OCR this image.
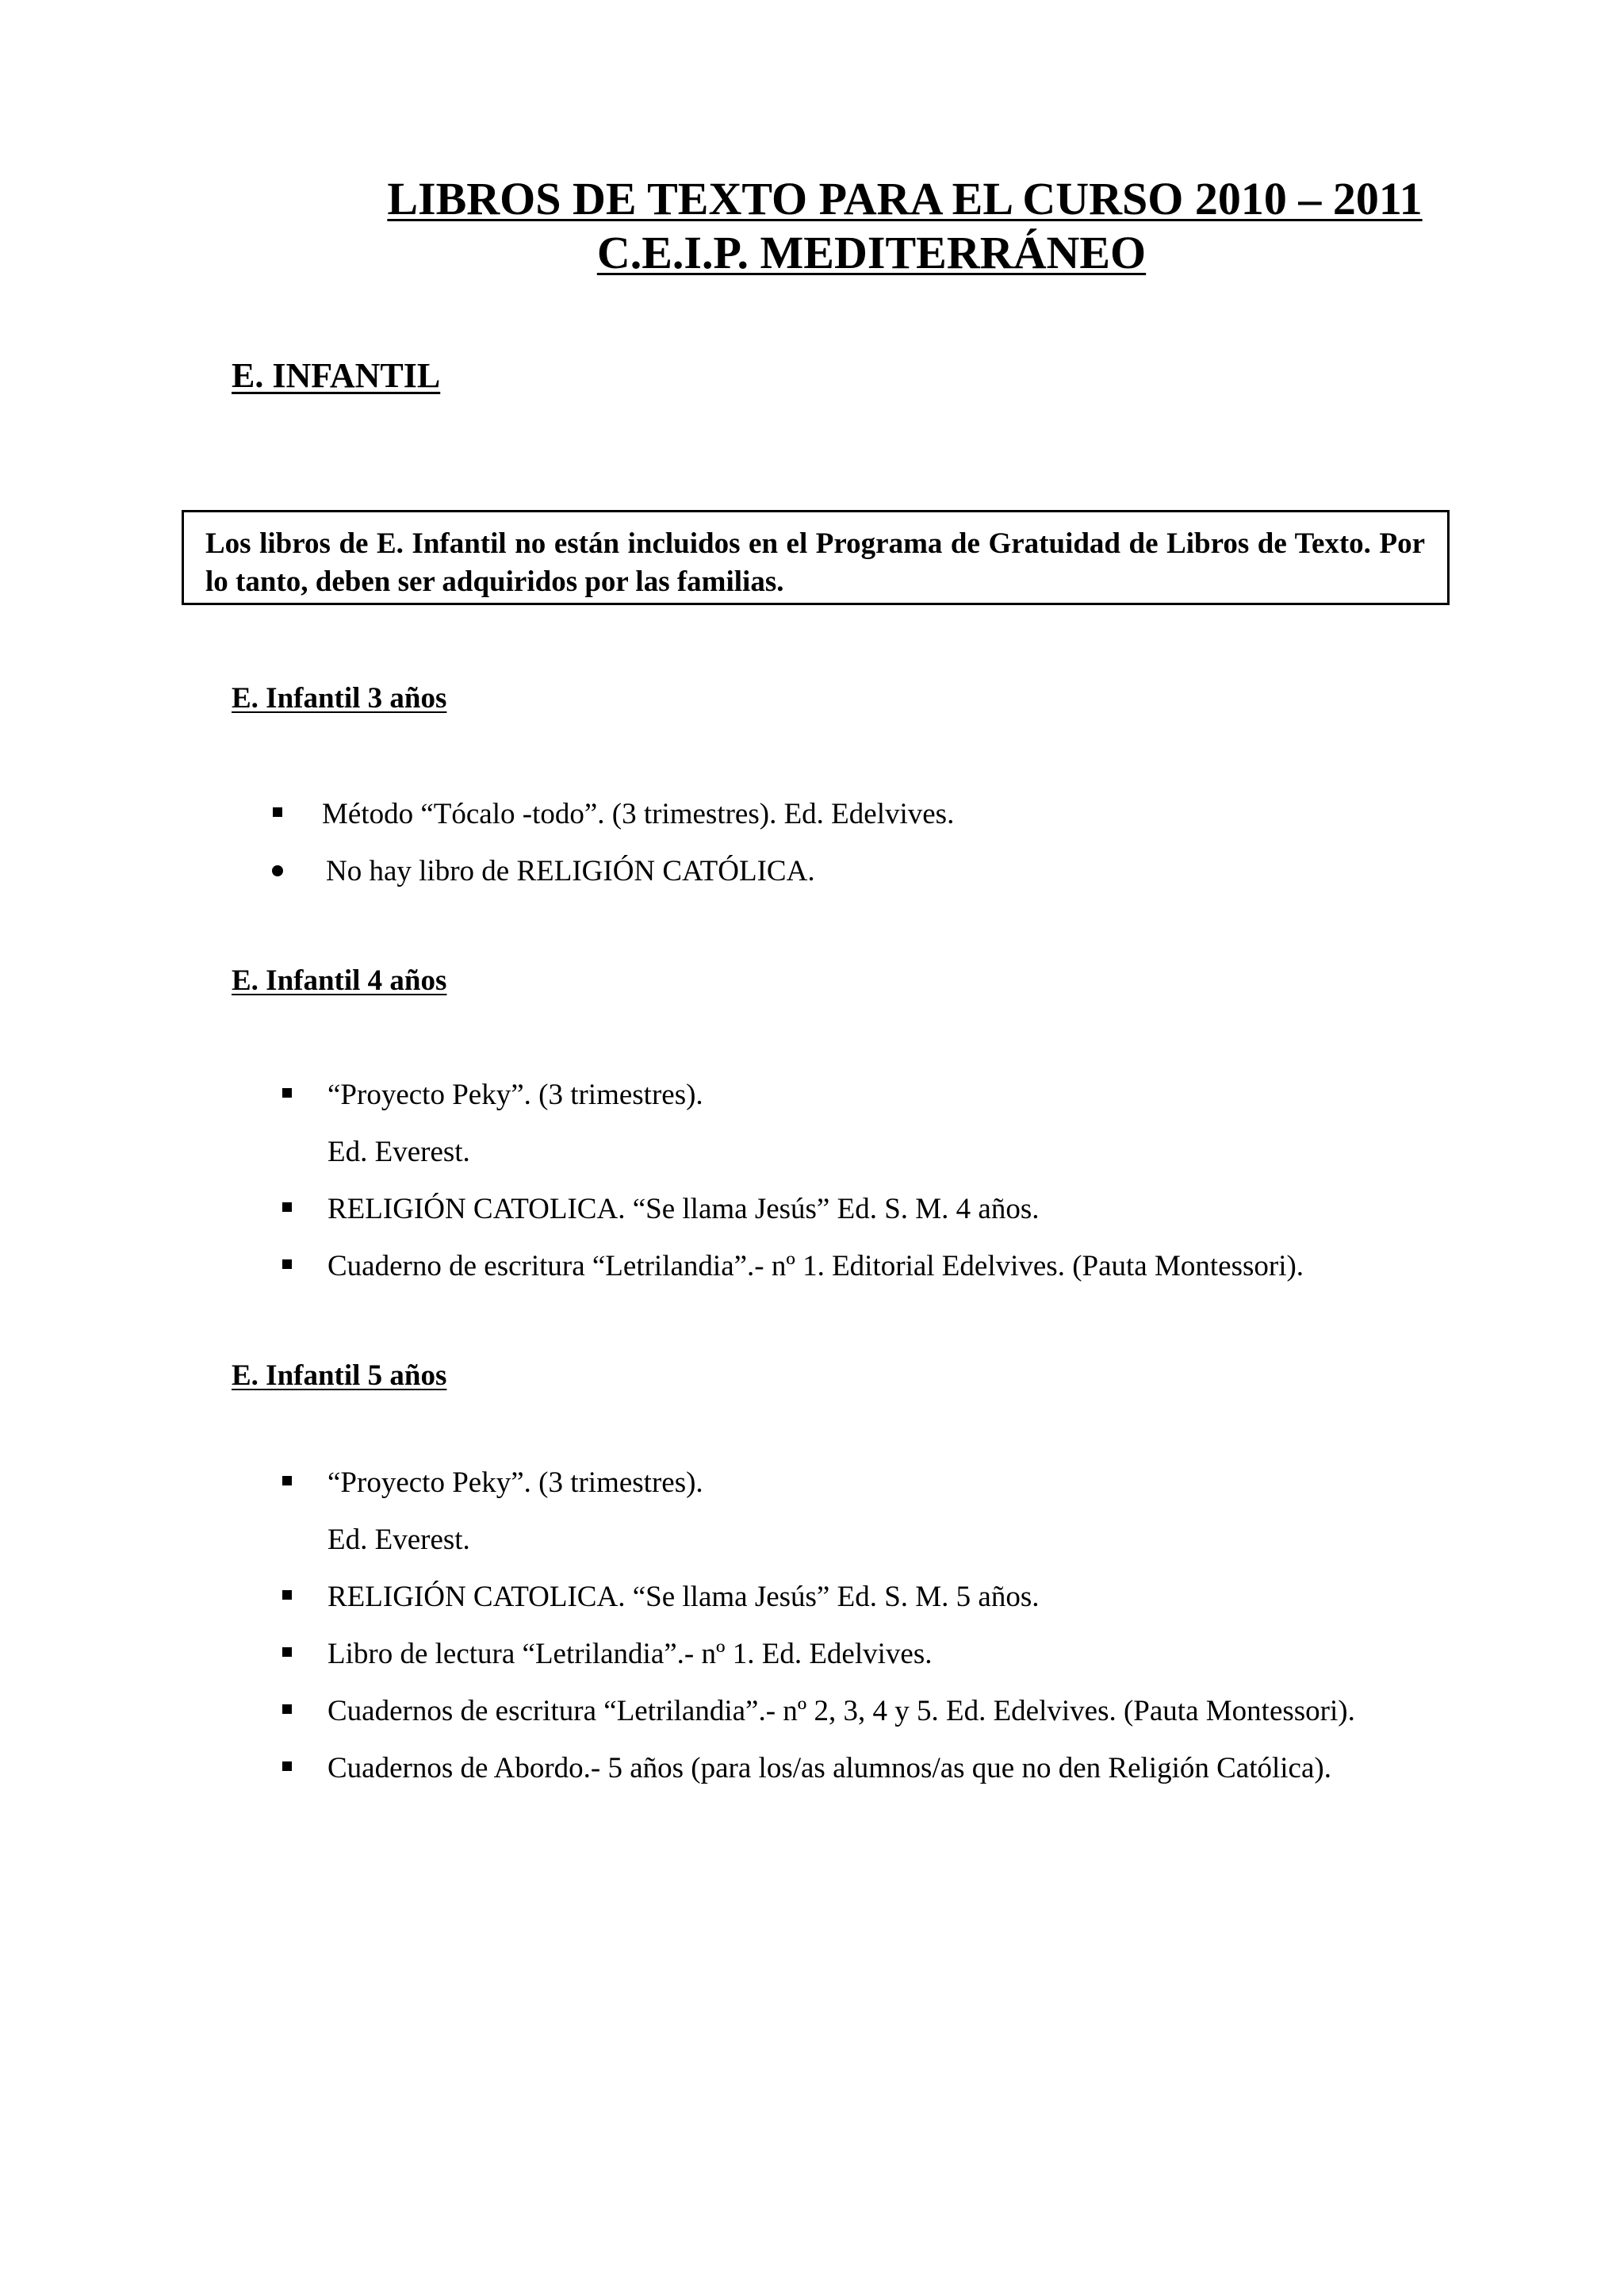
LIBROS DE TEXTO PARA EL CURSO 2010 – 2011
C.E.I.P. MEDITERRÁNEO
E. INFANTIL

Los libros de E. Infantil no están incluidos en el Programa de Gratuidad de Libros de Texto. Por lo tanto, deben ser adquiridos por las familias.

E. Infantil 3 años
Método “Tócalo -todo”. (3 trimestres). Ed. Edelvives.
No hay libro de RELIGIÓN CATÓLICA.
E. Infantil 4 años
“Proyecto Peky”. (3 trimestres).
Ed. Everest.
RELIGIÓN CATOLICA. “Se llama Jesús” Ed. S. M. 4 años.
Cuaderno de escritura “Letrilandia”.- nº 1. Editorial Edelvives. (Pauta Montessori).
E. Infantil 5 años
“Proyecto Peky”. (3 trimestres).
Ed. Everest.
RELIGIÓN CATOLICA. “Se llama Jesús” Ed. S. M. 5 años.
Libro de lectura “Letrilandia”.- nº 1. Ed. Edelvives.
Cuadernos de escritura “Letrilandia”.- nº 2, 3, 4 y 5. Ed. Edelvives. (Pauta Montessori).
Cuadernos de Abordo.- 5 años (para los/as alumnos/as que no den Religión Católica).
